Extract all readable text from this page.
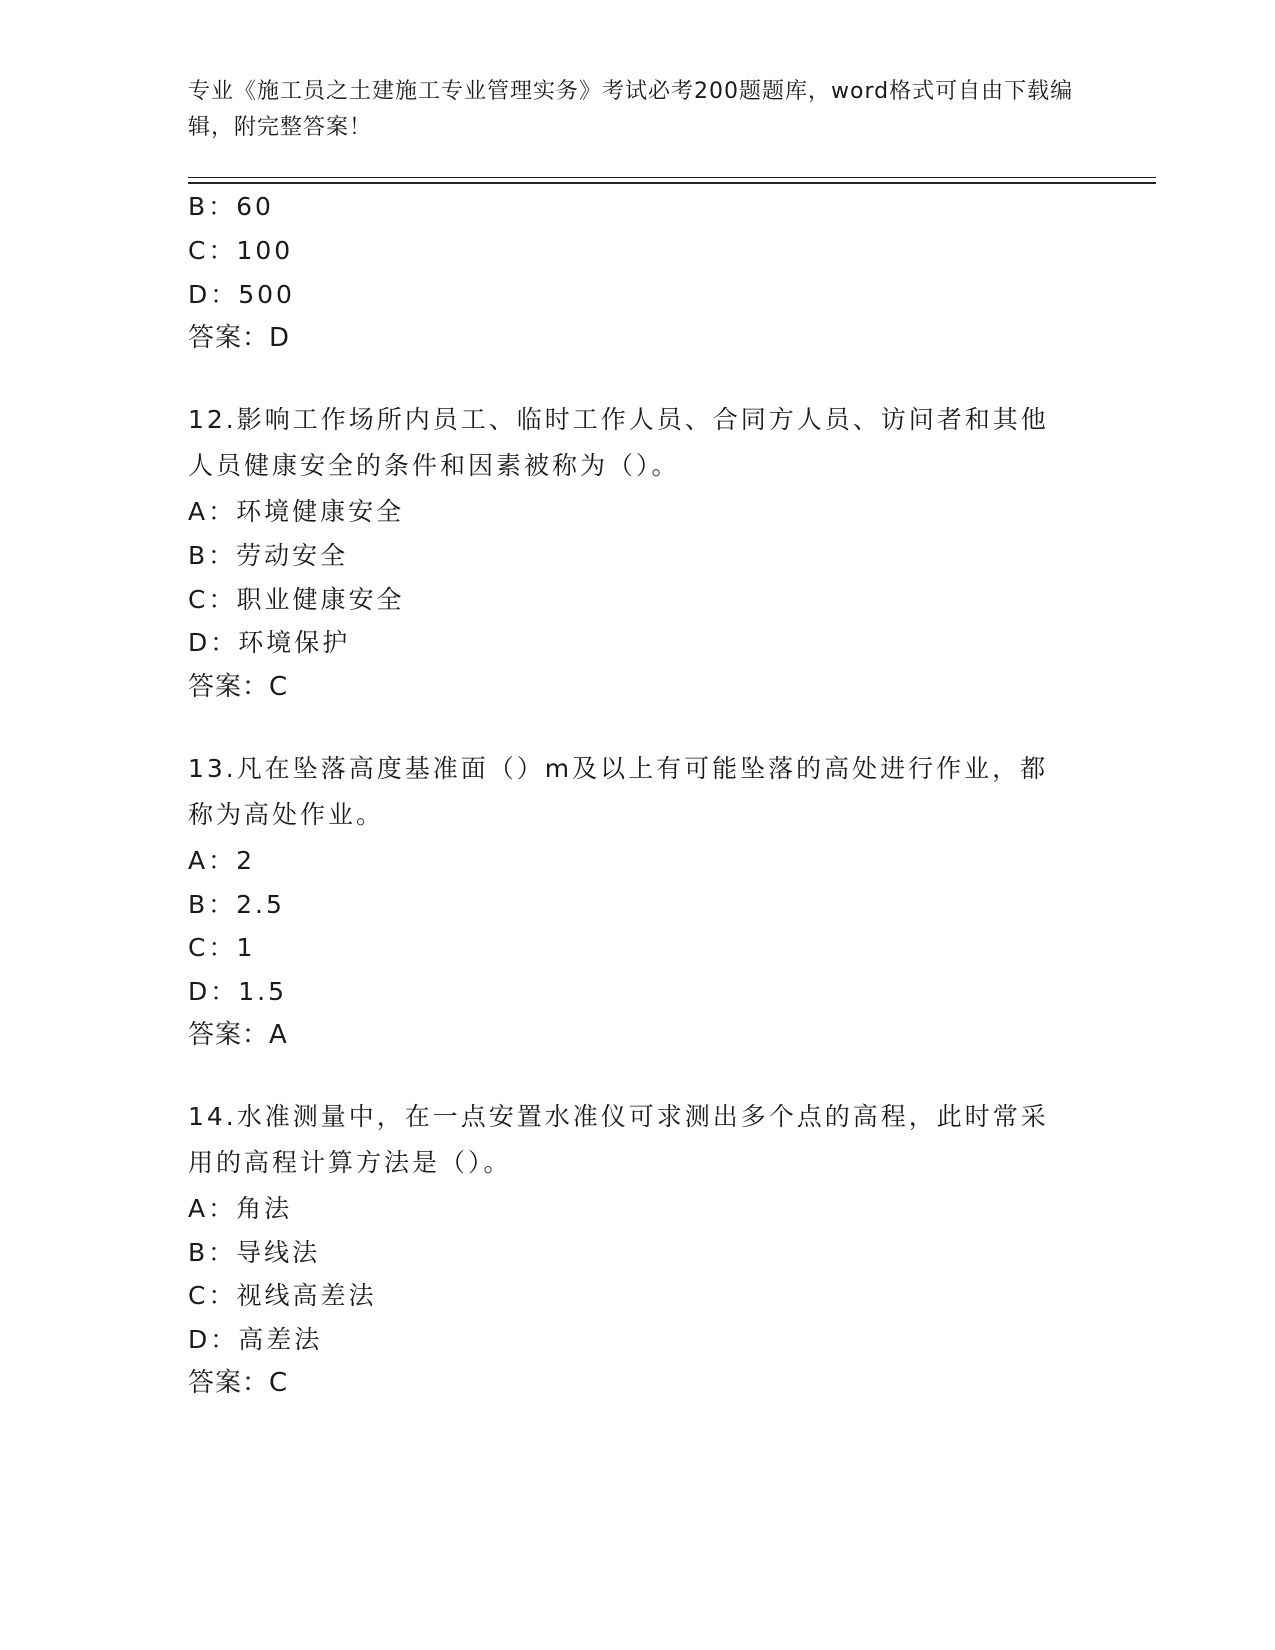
专业《施工员之土建施工专业管理实务》考试必考200题题库，word格式可自由下载编辑，附完整答案！
B：60
C：100
D：500
答案：D
12.影响工作场所内员工、临时工作人员、合同方人员、访问者和其他人员健康安全的条件和因素被称为（）。
A：环境健康安全
B：劳动安全
C：职业健康安全
D：环境保护
答案：C
13.凡在坠落高度基准面（）m及以上有可能坠落的高处进行作业，都称为高处作业。
A：2
B：2.5
C：1
D：1.5
答案：A
14.水准测量中，在一点安置水准仪可求测出多个点的高程，此时常采用的高程计算方法是（）。
A：角法
B：导线法
C：视线高差法
D：高差法
答案：C
